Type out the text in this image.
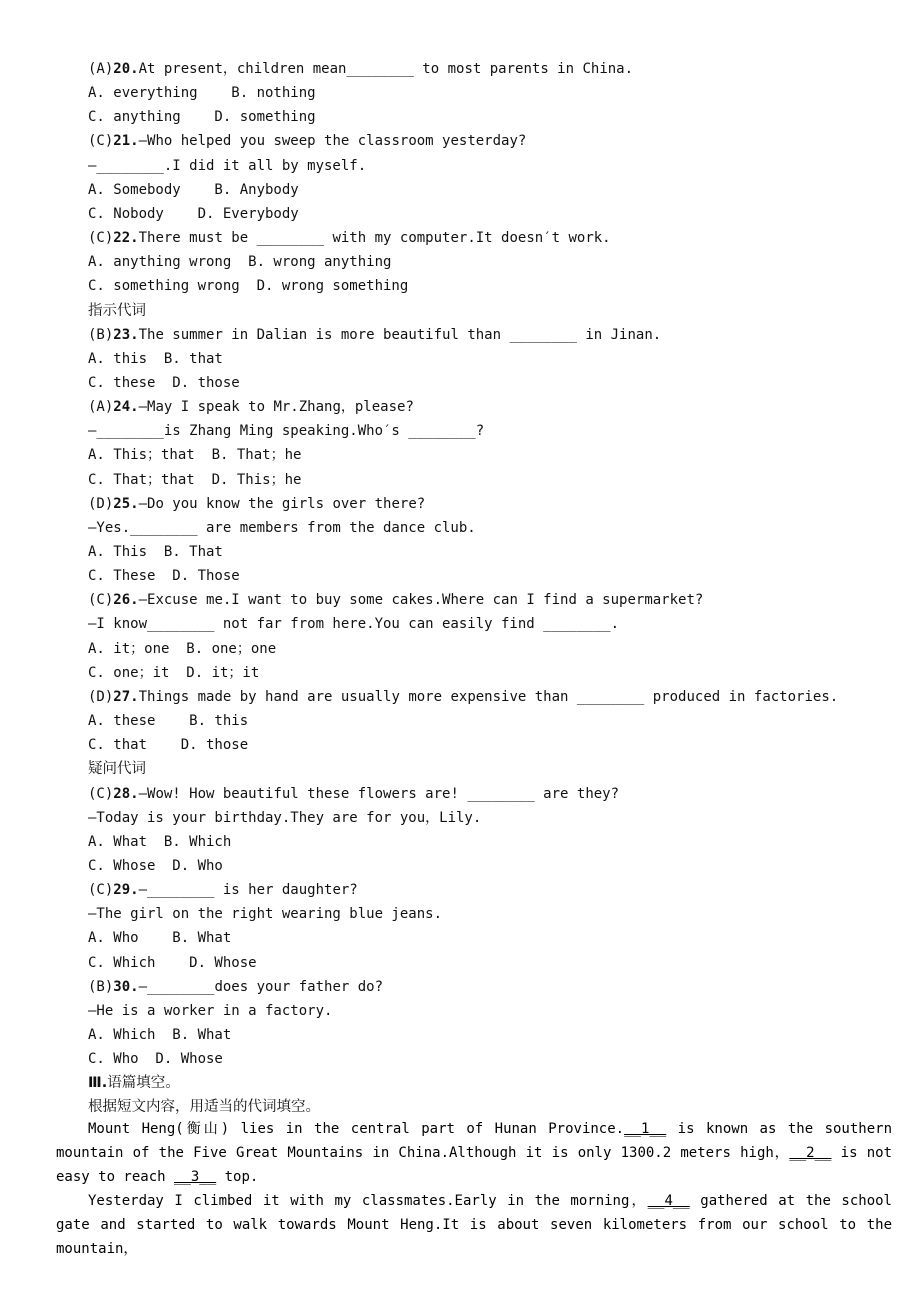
(A)20.At present，children mean________ to most parents in China.
A. everything    B. nothing
C. anything    D. something
(C)21.—Who helped you sweep the classroom yesterday?
—________.I did it all by myself.
A. Somebody    B. Anybody
C. Nobody    D. Everybody
(C)22.There must be ________ with my computer.It doesn′t work.
A. anything wrong  B. wrong anything
C. something wrong  D. wrong something
指示代词
(B)23.The summer in Dalian is more beautiful than ________ in Jinan.
A. this  B. that
C. these  D. those
(A)24.—May I speak to Mr.Zhang，please?
—________is Zhang Ming speaking.Who′s ________?
A. This；that  B. That；he
C. That；that  D. This；he
(D)25.—Do you know the girls over there?
—Yes.________ are members from the dance club.
A. This  B. That
C. These  D. Those
(C)26.—Excuse me.I want to buy some cakes.Where can I find a supermarket?
—I know________ not far from here.You can easily find ________.
A. it；one  B. one；one
C. one；it  D. it；it
(D)27.Things made by hand are usually more expensive than ________ produced in factories.
A. these    B. this
C. that    D. those
疑问代词
(C)28.—Wow! How beautiful these flowers are! ________ are they?
—Today is your birthday.They are for you，Lily.
A. What  B. Which
C. Whose  D. Who
(C)29.—________ is her daughter?
—The girl on the right wearing blue jeans.
A. Who    B. What
C. Which    D. Whose
(B)30.—________does your father do?
—He is a worker in a factory.
A. Which  B. What
C. Who  D. Whose
Ⅲ.语篇填空。
根据短文内容，用适当的代词填空。
Mount Heng(衡山) lies in the central part of Hunan Province.__1__ is known as the southern mountain of the Five Great Mountains in China.Although it is only 1300.2 meters high，__2__ is not easy to reach __3__ top.
Yesterday I climbed it with my classmates.Early in the morning，__4__ gathered at the school gate and started to walk towards Mount Heng.It is about seven kilometers from our school to the mountain，
